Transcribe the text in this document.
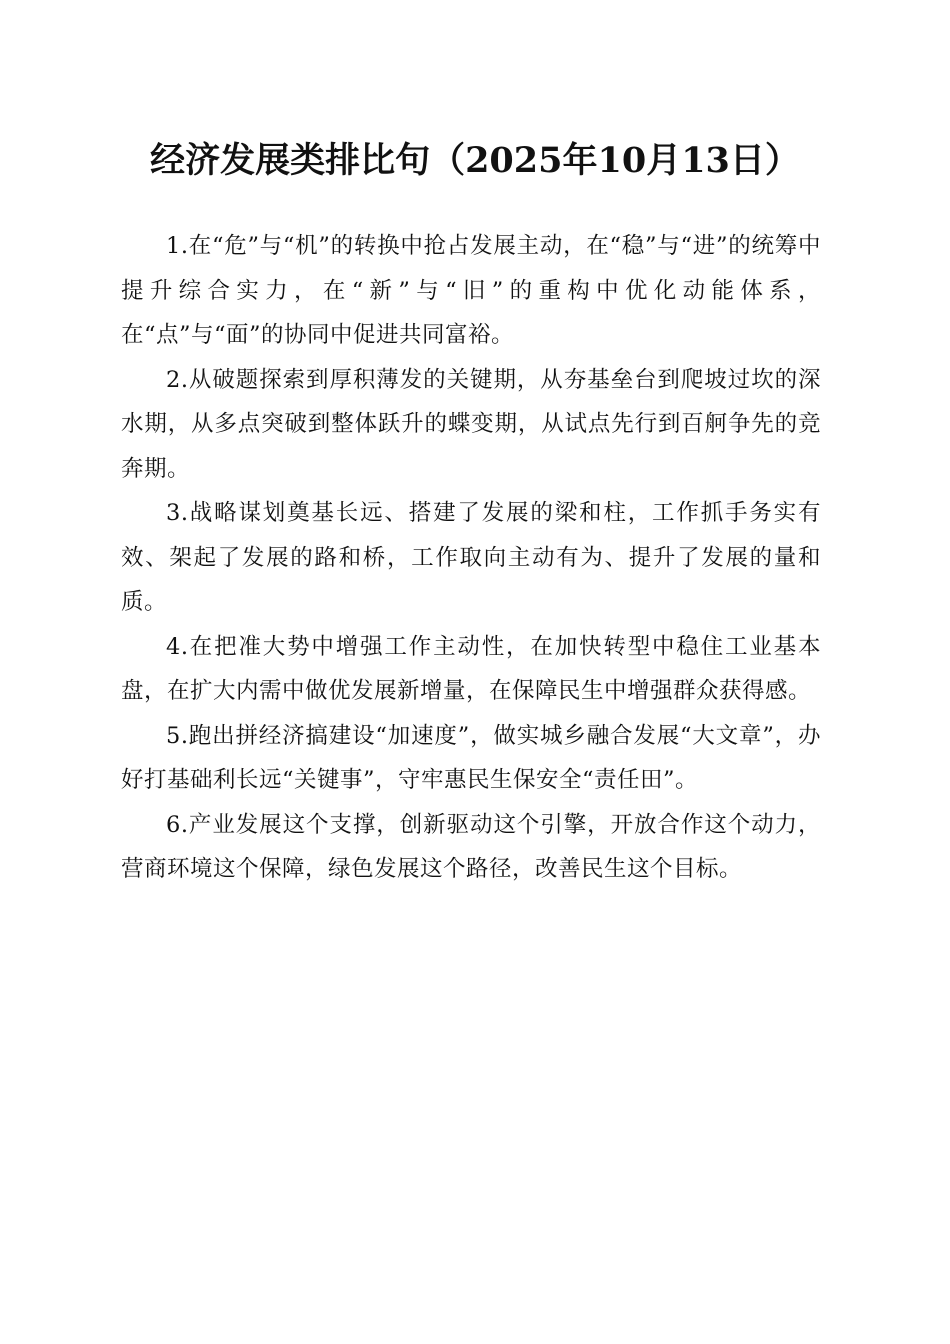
经济发展类排比句（2025年10月13日）

1.在“危”与“机”的转换中抢占发展主动，在“稳”与“进”的统筹中提升综合实力，在“新”与“旧”的重构中优化动能体系，在“点”与“面”的协同中促进共同富裕。

2.从破题探索到厚积薄发的关键期，从夯基垒台到爬坡过坎的深水期，从多点突破到整体跃升的蝶变期，从试点先行到百舸争先的竞奔期。

3.战略谋划奠基长远、搭建了发展的梁和柱，工作抓手务实有效、架起了发展的路和桥，工作取向主动有为、提升了发展的量和质。

4.在把准大势中增强工作主动性，在加快转型中稳住工业基本盘，在扩大内需中做优发展新增量，在保障民生中增强群众获得感。

5.跑出拼经济搞建设“加速度”，做实城乡融合发展“大文章”，办好打基础利长远“关键事”，守牢惠民生保安全“责任田”。

6.产业发展这个支撑，创新驱动这个引擎，开放合作这个动力，营商环境这个保障，绿色发展这个路径，改善民生这个目标。
